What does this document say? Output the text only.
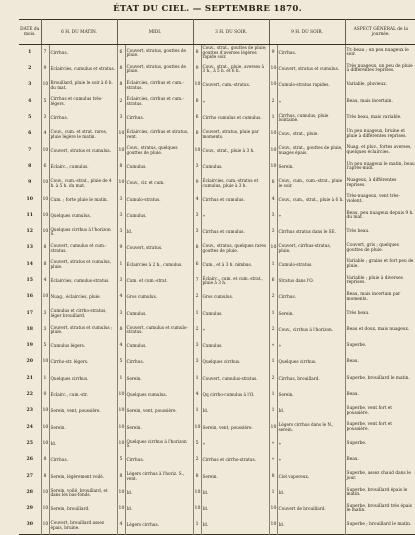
ÉTAT DU CIEL. — SEPTEMBRE 1870.
DATE du mois.	6 H. DU MATIN.		MIDI.		3 H. DU SOIR.		9 H. DU SOIR.		ASPECT GÉNÉRAL de la journée.
1	7	Cirrhus.	6	Couvert, stratus, gouttes de pluie.	8	Couv., strat., gouttes de pluie; gouttes d'averses légères rapide soir.	9	Cirrhus.	Tr.-beau ; un peu nuageux le soir.
2	9	Éclaircies, cumulus et stratus.	8	Couvert, stratus, gouttes de pluie.	9	Couv., strat., pluie, averses à 3 h., à 5 h. et 6 h.	10	Couvert, stratus et cumulus.	Très nuageux, un peu de pluie à différentes reprises.
3	10	Brouillard, pluie le soir à 6 h. du mat.	8	Éclaircies, cirrhus et cum.-stratus.	10	Couvert, cum.-stratus.	10	Cumulo-stratus rapides.	Variable, pluvieux.
4	5	Cirrhus et cumulus très-légers.	2	Éclaircies, cirrhus et cum.-stratus.	8	»	2	»	Beau, mais incertain.
5	3	Cirrhus.	3	Cirrhus.	6	Cirrho cumulus et cumulus.	1	Cirrhus, cumulus, pluie lointaine.	Très beau, mais variable.
6	4	Couv., cum. et strat. rares, pluie légère le matin.	10	Éclaircies, cirrhus et stratus, vent.	8	Couvert, stratus, pluie par moments.	10	Couv., strat., pluie.	Un peu nuageux, bruine et pluie à différentes reprises.
7	10	Couvert, stratus et cumulus.	10	Couv., stratus, quelques gouttes de pluie.	10	Couv., strat., pluie à 3 h.	10	Couv., strat., gouttes de pluie, nuages épais.	Nuag. et pluv., fortes averses, quelques éclaircies.
8	6	Éclairc., cumulus.	8	Cumulus.	3	Cumulus.	10	Serein.	Un peu nuageux le matin, beau l'après-midi.
9	10	Couv., cum.-strat., pluie de 4 h. à 5 h. du mat.	10	Couv., cir. et cum.	9	Éclaircies, cum.-stratus et cumulus, pluie à 3 h.	8	Couv., cum., cum.-strat., pluie le soir.	Nuageux, à différentes reprises.
10	10	Cum. ; forte pluie le matin.	3	Cumulo-stratus.	4	Cirrhus et cumulus.	4	Couv., cum., strat., pluie à 6 h.	Très-nuageux, vent très-violent.
11	10	Quelques cumulus.	3	Cumulus.	3	»	3	»	Beau, peu nuageux depuis 9 h. du mat.
12	10	Quelques cirrhus à l'horizon S.	3	Id.	3	Cirrhus et cumulus.	3	Cirrhus stratus dans le SE.	Très beau.
13	8	Couvert, cumulus et cum.-stratus.	9	Couvert, stratus.	8	Couv., stratus, quelques rares gouttes de pluie.	10	Couvert, cirrhus-stratus, pluie.	Couvert, gris ; quelques gouttes de pluie.
14	8	Couvert, stratus et cumulus, pluie.	1	Éclaircies à 2 h., cumulus.	6	Cum., et à 3 h. nimbus.	1	Cumulo-stratus.	Variable ; grains et fort peu de pluie.
15	4	Éclaircies, cumulus-stratus.	3	Cum. et cum.-strat.	7	Éclairc., cum. et cum.-strat., pluie à 3 h.	6	Stratus dans l'O.	Variable ; pluie à diverses reprises.
16	10	Nuag., éclaircies, pluie.	4	Gros cumulus.	2	Gros cumulus.	2	Cirrhus.	Beau, mais incertain par moments.
17	3	Cumulus et cirrho-stratus, léger brouillard.	3	Cumulus.	1	Cumulus.	1	Serein.	Très beau.
18	3	Couvert, stratus et cumulus ; pluie.	8	Couvert, cumulus et cumulo-stratus.	2	»	2	Couv., cirrhus à l'horizon.	Beau et doux, mais nuageux.
19	5	Cumulus légers.	4	Cumulus.	3	Cumulus.	»	»	Superbe.
20	10	Cirrho-str. légers.	5	Cirrhus.	3	Quelques cirrhus.	1	Quelques cirrhus.	Beau.
21	1	Quelques cirrhus.	1	Serein.	1	Couvert, cumulus-stratus.	2	Cirrhus, brouillard.	Superbe, brouillard le matin.
22	0	Éclairc., cum.-str.	10	Quelques cumulus.	4	Qq cirrho-cumulus à l'O.	1	Serein.	Beau.
23	10	Serein, vent, poussière.	10	Serein, vent, poussière.	1	Id.	1	Id.	Superbe, vent fort et poussière.
24	10	Serein.	10	Serein.	10	Serein, vent, poussière.	10	Légers cirrhus dans le N., serein.	Superbe, vent fort et poussière.
25	10	Id.	10	Quelques cirrhus à l'horizon S.	5	»	»	»	Superbe.
26	8	Cirrhus.	5	Cirrhus.	2	Cirrhus et cirrho-stratus.	»	»	Beau.
27	8	Serein, légèrement voilé.	8	Légers cirrhus à l'horiz. S., vent.	8	Serein.	8	Ciel vaporeux.	Superbe, assez chaud dans le jour.
28	10	Serein, voilé, brouillard, et dans les bas-fonds.	10	Id.	10	Id.	1	Id.	Superbe, brouillard épais le matin.
29	10	Serein, brouillard.	10	Id.	10	Id.	10	Couvert de brouillard.	Superbe, brouillard très épais le matin.
30	10	Couvert, brouillard assez épais, bruine.	4	Légers cirrhus.	1	Id.	10	Id.	Superbe ; brouillard le matin.
